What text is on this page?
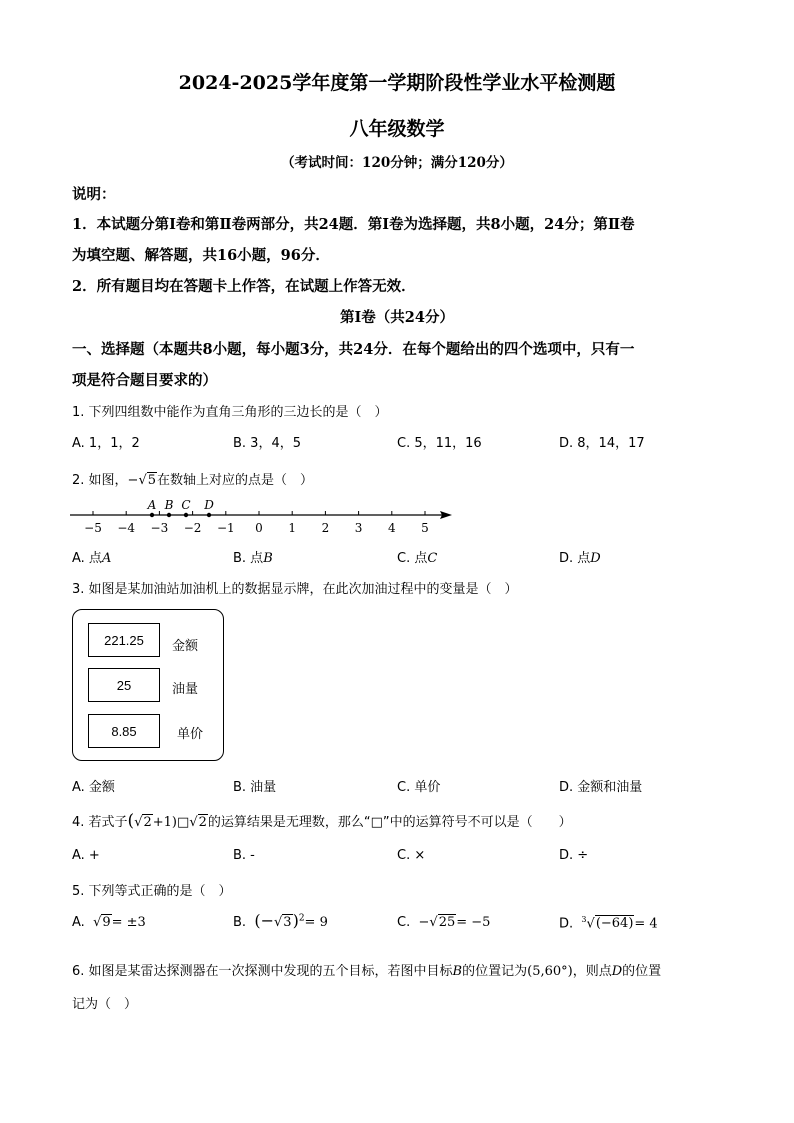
2024-2025学年度第一学期阶段性学业水平检测题
八年级数学
（考试时间：120分钟；满分120分）
说明：
1．本试题分第Ⅰ卷和第Ⅱ卷两部分，共24题．第Ⅰ卷为选择题，共8小题，24分；第Ⅱ卷
为填空题、解答题，共16小题，96分．
2．所有题目均在答题卡上作答，在试题上作答无效．
第Ⅰ卷（共24分）
一、选择题（本题共8小题，每小题3分，共24分．在每个题给出的四个选项中，只有一
项是符合题目要求的）
1. 下列四组数中能作为直角三角形的三边长的是（　）
A. 1，1，2	B. 3，4，5	C. 5，11，16	D. 8，14，17
2. 如图，−√5在数轴上对应的点是（　）
−5 −4 −3 −2 −1 0 1 2 3 4 5
A B C D
A. 点A	B. 点B	C. 点C	D. 点D
3. 如图是某加油站加油机上的数据显示牌，在此次加油过程中的变量是（　）
221.25	金额
25	油量
8.85	单价
A. 金额	B. 油量	C. 单价	D. 金额和油量
4. 若式子(√2+1)□√2的运算结果是无理数，那么“□”中的运算符号不可以是（　　）
A. +	B. -	C. ×	D. ÷
5. 下列等式正确的是（　）
A. √9= ±3	B. $(-√3)^2= 9$	C. −√25= −5	D. $^3$√(−64)= 4
6. 如图是某雷达探测器在一次探测中发现的五个目标，若图中目标B的位置记为(5,60°)，则点D的位置
记为（　）
